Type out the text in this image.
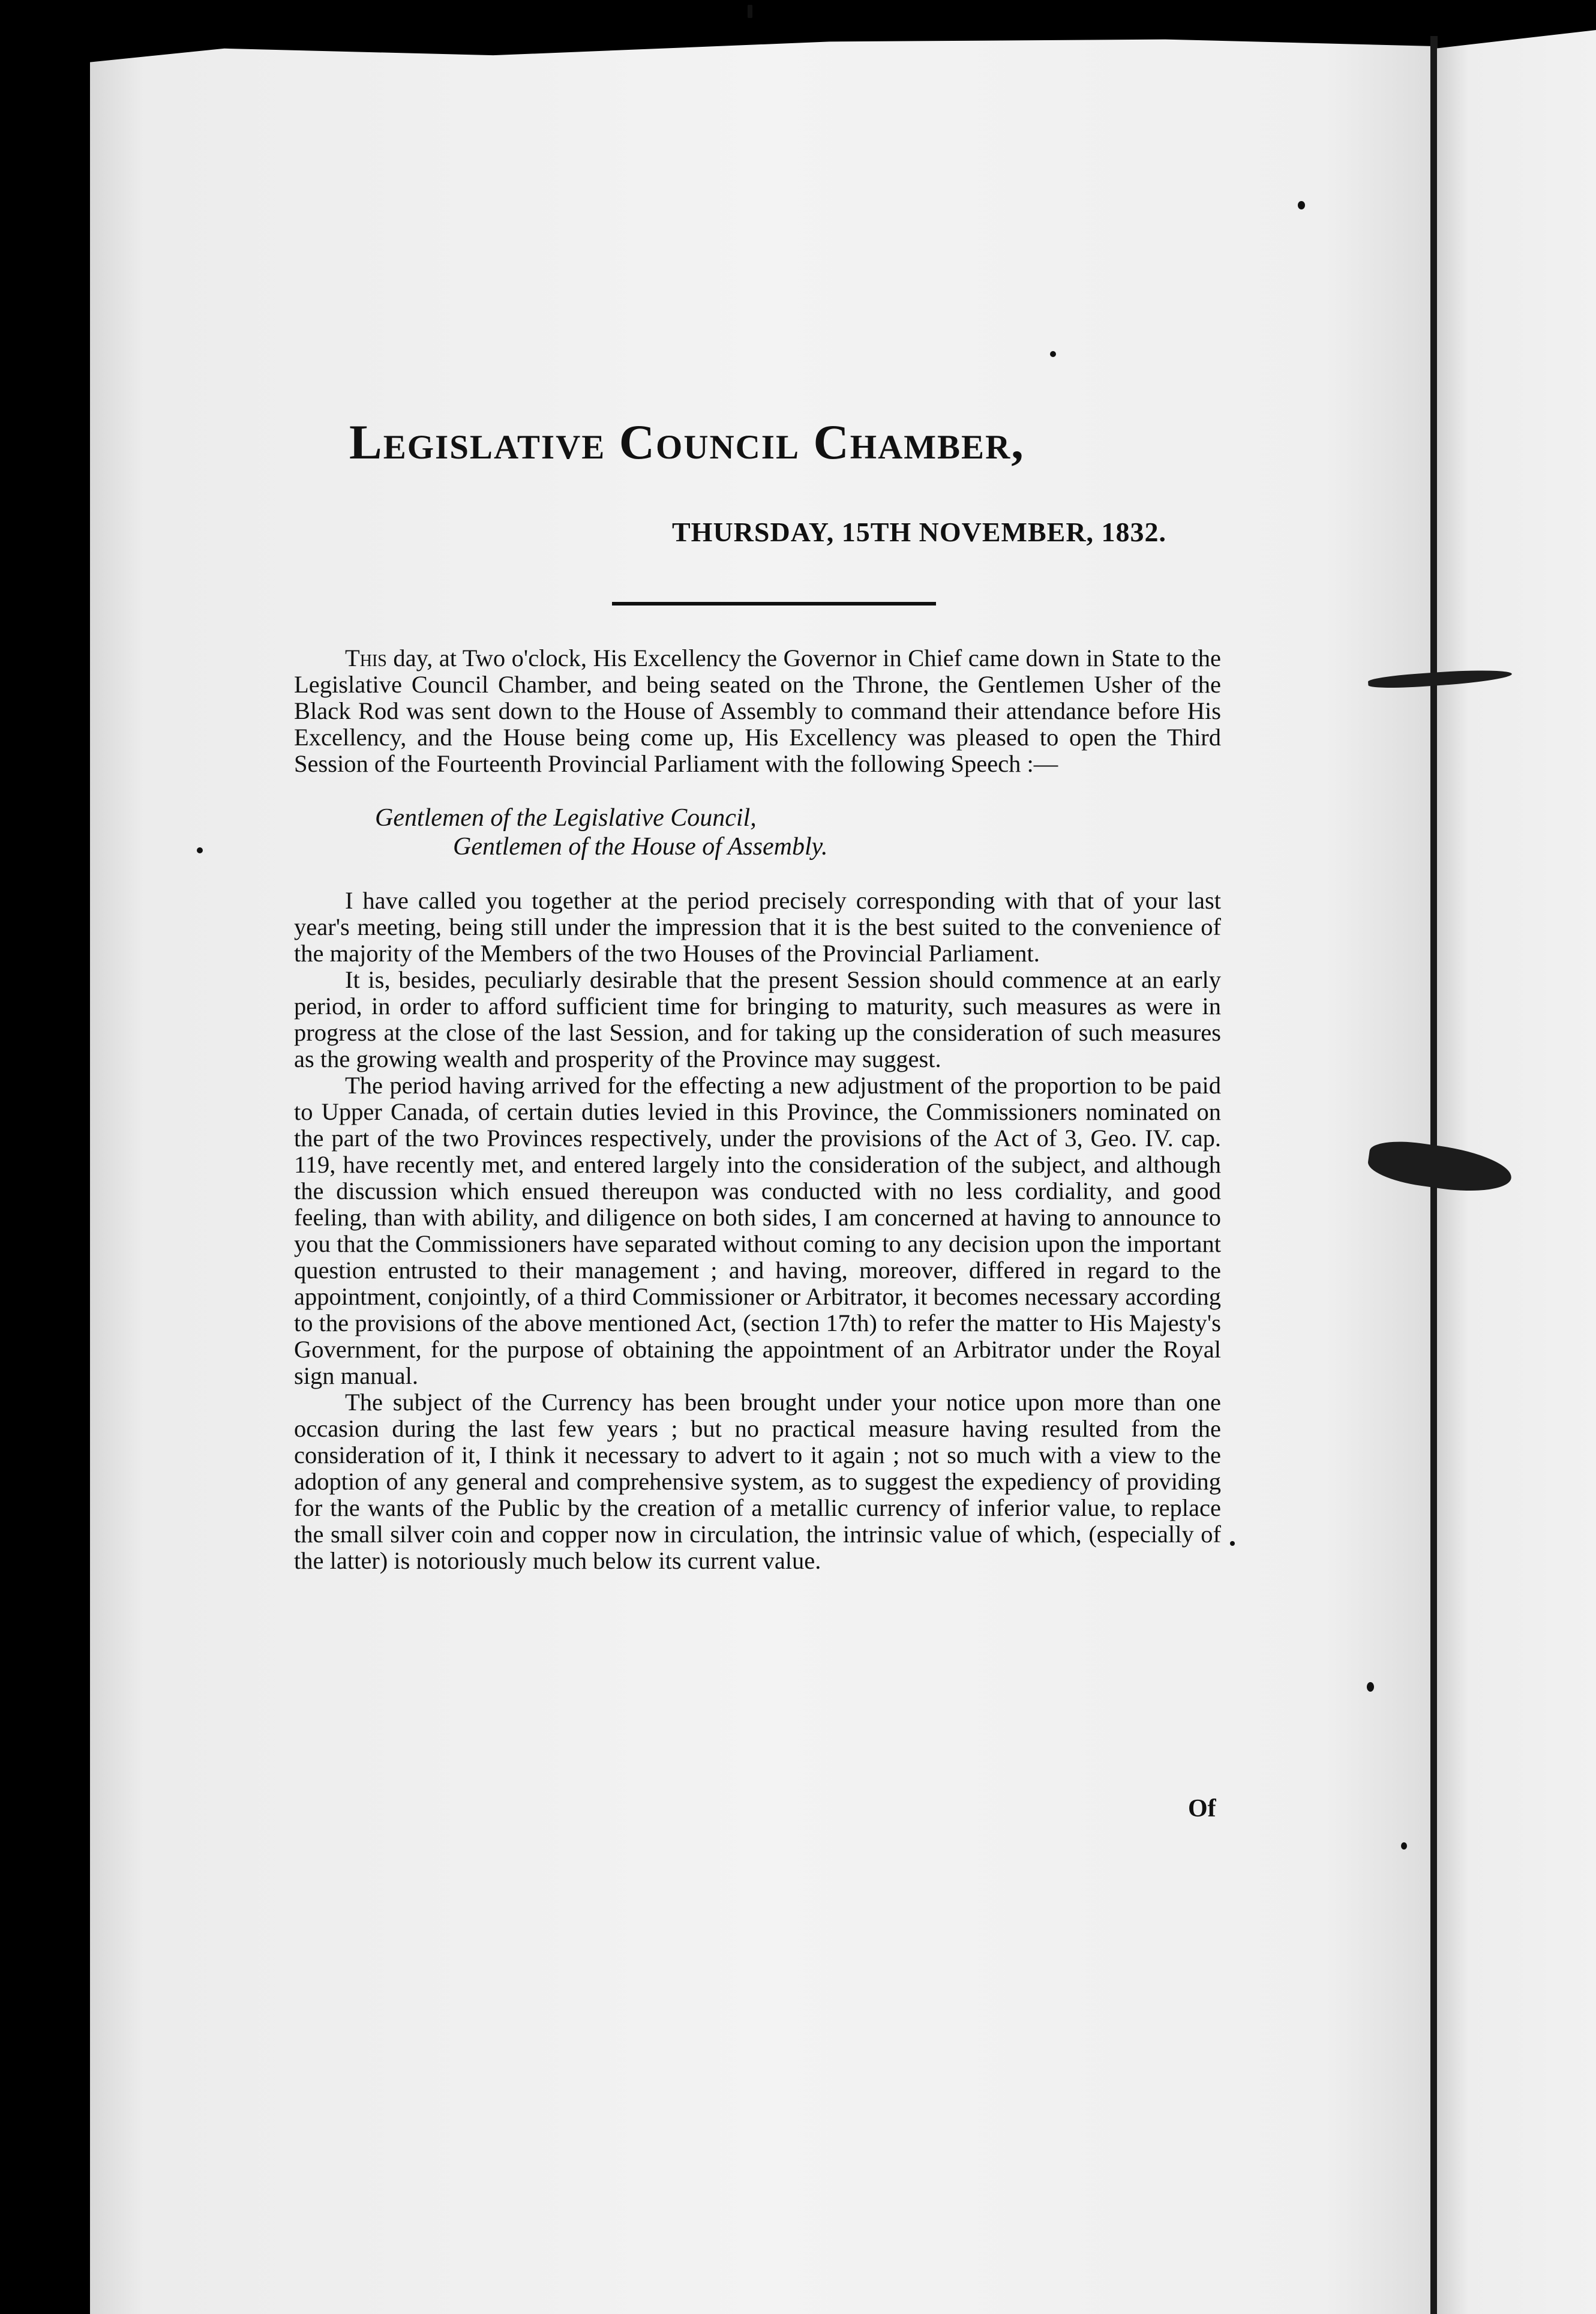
Legislative Council Chamber,
THURSDAY, 15TH NOVEMBER, 1832.

This day, at Two o'clock, His Excellency the Governor in Chief came down in State to the Legislative Council Chamber, and being seated on the Throne, the Gentlemen Usher of the Black Rod was sent down to the House of Assembly to command their attendance before His Excellency, and the House being come up, His Excellency was pleased to open the Third Session of the Fourteenth Provincial Parliament with the following Speech :—

Gentlemen of the Legislative Council,
Gentlemen of the House of Assembly.

I have called you together at the period precisely corresponding with that of your last year's meeting, being still under the impression that it is the best suited to the convenience of the majority of the Members of the two Houses of the Provincial Parliament.

It is, besides, peculiarly desirable that the present Session should commence at an early period, in order to afford sufficient time for bringing to maturity, such measures as were in progress at the close of the last Session, and for taking up the consideration of such measures as the growing wealth and prosperity of the Province may suggest.

The period having arrived for the effecting a new adjustment of the proportion to be paid to Upper Canada, of certain duties levied in this Province, the Commissioners nominated on the part of the two Provinces respectively, under the provisions of the Act of 3, Geo. IV. cap. 119, have recently met, and entered largely into the consideration of the subject, and although the discussion which ensued thereupon was conducted with no less cordiality, and good feeling, than with ability, and diligence on both sides, I am concerned at having to announce to you that the Commissioners have separated without coming to any decision upon the important question entrusted to their management ; and having, moreover, differed in regard to the appointment, conjointly, of a third Commissioner or Arbitrator, it becomes necessary according to the provisions of the above mentioned Act, (section 17th) to refer the matter to His Majesty's Government, for the purpose of obtaining the appointment of an Arbitrator under the Royal sign manual.

The subject of the Currency has been brought under your notice upon more than one occasion during the last few years ; but no practical measure having resulted from the consideration of it, I think it necessary to advert to it again ; not so much with a view to the adoption of any general and comprehensive system, as to suggest the expediency of providing for the wants of the Public by the creation of a metallic currency of inferior value, to replace the small silver coin and copper now in circulation, the intrinsic value of which, (especially of the latter) is notoriously much below its current value.

Of
